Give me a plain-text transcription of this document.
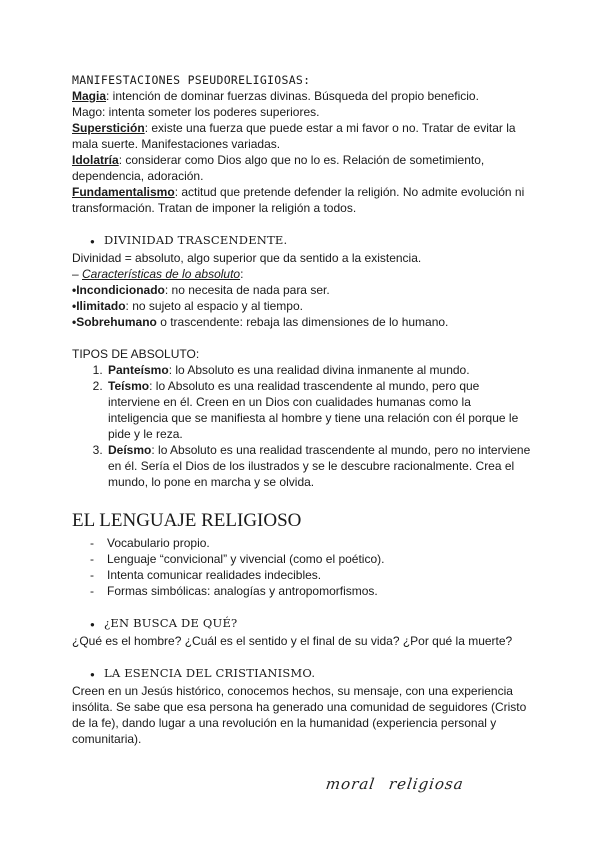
MANIFESTACIONES PSEUDORELIGIOSAS:

Magia: intención de dominar fuerzas divinas. Búsqueda del propio beneficio.

Mago: intenta someter los poderes superiores.

Superstición: existe una fuerza que puede estar a mi favor o no. Tratar de evitar la mala suerte. Manifestaciones variadas.

Idolatría: considerar como Dios algo que no lo es. Relación de sometimiento, dependencia, adoración.

Fundamentalismo: actitud que pretende defender la religión. No admite evolución ni transformación. Tratan de imponer la religión a todos.

● DIVINIDAD TRASCENDENTE.

Divinidad = absoluto, algo superior que da sentido a la existencia.

– Características de lo absoluto:

•Incondicionado: no necesita de nada para ser.

•Ilimitado: no sujeto al espacio y al tiempo.

•Sobrehumano o trascendente: rebaja las dimensiones de lo humano.

TIPOS DE ABSOLUTO:

1. Panteísmo: lo Absoluto es una realidad divina inmanente al mundo.
2. Teísmo: lo Absoluto es una realidad trascendente al mundo, pero que interviene en él. Creen en un Dios con cualidades humanas como la inteligencia que se manifiesta al hombre y tiene una relación con él porque le pide y le reza.
3. Deísmo: lo Absoluto es una realidad trascendente al mundo, pero no interviene en él. Sería el Dios de los ilustrados y se le descubre racionalmente. Crea el mundo, lo pone en marcha y se olvida.
EL LENGUAJE RELIGIOSO
- Vocabulario propio.
- Lenguaje “convicional” y vivencial (como el poético).
- Intenta comunicar realidades indecibles.
- Formas simbólicas: analogías y antropomorfismos.
● ¿EN BUSCA DE QUÉ?

¿Qué es el hombre? ¿Cuál es el sentido y el final de su vida? ¿Por qué la muerte?

● LA ESENCIA DEL CRISTIANISMO.

Creen en un Jesús histórico, conocemos hechos, su mensaje, con una experiencia insólita. Se sabe que esa persona ha generado una comunidad de seguidores (Cristo de la fe), dando lugar a una revolución en la humanidad (experiencia personal y comunitaria).

moral religiosa
